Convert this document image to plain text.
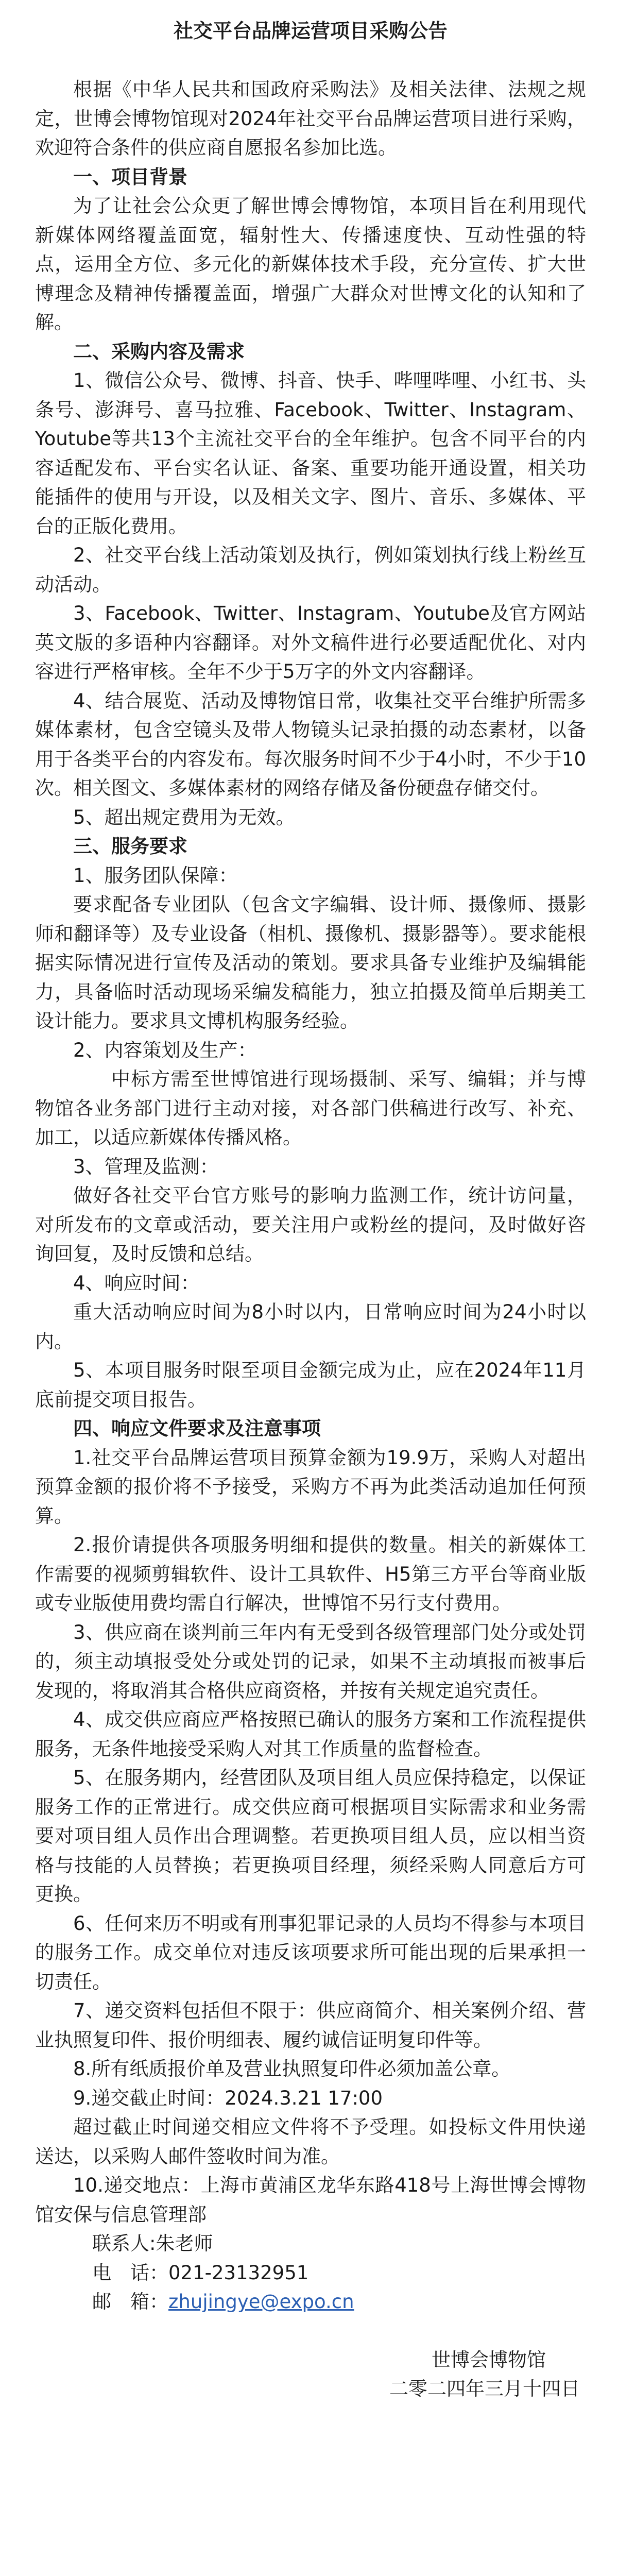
社交平台品牌运营项目采购公告

根据《中华人民共和国政府采购法》及相关法律、法规之规定，世博会博物馆现对2024年社交平台品牌运营项目进行采购，欢迎符合条件的供应商自愿报名参加比选。

一、项目背景

为了让社会公众更了解世博会博物馆，本项目旨在利用现代新媒体网络覆盖面宽，辐射性大、传播速度快、互动性强的特点，运用全方位、多元化的新媒体技术手段，充分宣传、扩大世博理念及精神传播覆盖面，增强广大群众对世博文化的认知和了解。

二、采购内容及需求

1、微信公众号、微博、抖音、快手、哔哩哔哩、小红书、头条号、澎湃号、喜马拉雅、Facebook、Twitter、Instagram、Youtube等共13个主流社交平台的全年维护。包含不同平台的内容适配发布、平台实名认证、备案、重要功能开通设置，相关功能插件的使用与开设，以及相关文字、图片、音乐、多媒体、平台的正版化费用。

2、社交平台线上活动策划及执行，例如策划执行线上粉丝互动活动。

3、Facebook、Twitter、Instagram、Youtube及官方网站英文版的多语种内容翻译。对外文稿件进行必要适配优化、对内容进行严格审核。全年不少于5万字的外文内容翻译。

4、结合展览、活动及博物馆日常，收集社交平台维护所需多媒体素材，包含空镜头及带人物镜头记录拍摄的动态素材，以备用于各类平台的内容发布。每次服务时间不少于4小时，不少于10次。相关图文、多媒体素材的网络存储及备份硬盘存储交付。

5、超出规定费用为无效。

三、服务要求

1、服务团队保障：

要求配备专业团队（包含文字编辑、设计师、摄像师、摄影师和翻译等）及专业设备（相机、摄像机、摄影器等）。要求能根据实际情况进行宣传及活动的策划。要求具备专业维护及编辑能力，具备临时活动现场采编发稿能力，独立拍摄及简单后期美工设计能力。要求具文博机构服务经验。

2、内容策划及生产：

中标方需至世博馆进行现场摄制、采写、编辑；并与博物馆各业务部门进行主动对接，对各部门供稿进行改写、补充、加工，以适应新媒体传播风格。

3、管理及监测：

做好各社交平台官方账号的影响力监测工作，统计访问量，对所发布的文章或活动，要关注用户或粉丝的提问，及时做好咨询回复，及时反馈和总结。

4、响应时间：

重大活动响应时间为8小时以内，日常响应时间为24小时以内。

5、本项目服务时限至项目金额完成为止，应在2024年11月底前提交项目报告。

四、响应文件要求及注意事项

1.社交平台品牌运营项目预算金额为19.9万，采购人对超出预算金额的报价将不予接受，采购方不再为此类活动追加任何预算。

2.报价请提供各项服务明细和提供的数量。相关的新媒体工作需要的视频剪辑软件、设计工具软件、H5第三方平台等商业版或专业版使用费均需自行解决，世博馆不另行支付费用。

3、供应商在谈判前三年内有无受到各级管理部门处分或处罚的，须主动填报受处分或处罚的记录，如果不主动填报而被事后发现的，将取消其合格供应商资格，并按有关规定追究责任。

4、成交供应商应严格按照已确认的服务方案和工作流程提供服务，无条件地接受采购人对其工作质量的监督检查。

5、在服务期内，经营团队及项目组人员应保持稳定，以保证服务工作的正常进行。成交供应商可根据项目实际需求和业务需要对项目组人员作出合理调整。若更换项目组人员，应以相当资格与技能的人员替换；若更换项目经理，须经采购人同意后方可更换。

6、任何来历不明或有刑事犯罪记录的人员均不得参与本项目的服务工作。成交单位对违反该项要求所可能出现的后果承担一切责任。

7、递交资料包括但不限于：供应商简介、相关案例介绍、营业执照复印件、报价明细表、履约诚信证明复印件等。

8.所有纸质报价单及营业执照复印件必须加盖公章。

9.递交截止时间：2024.3.21 17:00

超过截止时间递交相应文件将不予受理。如投标文件用快递送达，以采购人邮件签收时间为准。

10.递交地点：上海市黄浦区龙华东路418号上海世博会博物馆安保与信息管理部

联系人:朱老师

电　话：021-23132951

邮　箱：zhujingye@expo.cn

世博会博物馆

二零二四年三月十四日
